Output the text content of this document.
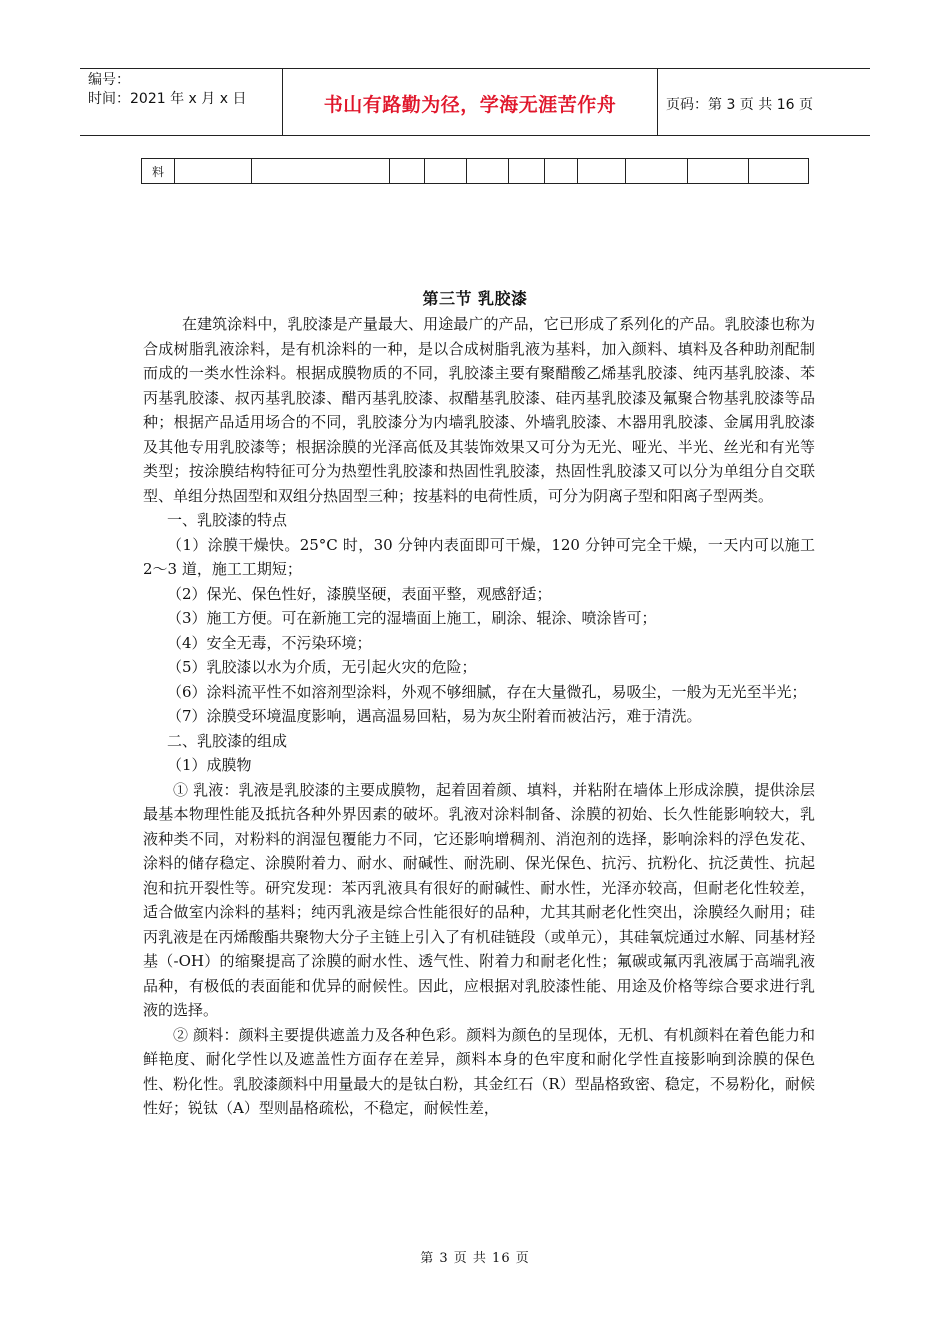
编号：
时间：2021 年 x 月 x 日	书山有路勤为径，学海无涯苦作舟	页码：第 3 页 共 16 页
料											
第三节 乳胶漆

在建筑涂料中，乳胶漆是产量最大、用途最广的产品，它已形成了系列化的产品。乳胶漆也称为合成树脂乳液涂料，是有机涂料的一种，是以合成树脂乳液为基料，加入颜料、填料及各种助剂配制而成的一类水性涂料。根据成膜物质的不同，乳胶漆主要有聚醋酸乙烯基乳胶漆、纯丙基乳胶漆、苯丙基乳胶漆、叔丙基乳胶漆、醋丙基乳胶漆、叔醋基乳胶漆、硅丙基乳胶漆及氟聚合物基乳胶漆等品种；根据产品适用场合的不同，乳胶漆分为内墙乳胶漆、外墙乳胶漆、木器用乳胶漆、金属用乳胶漆及其他专用乳胶漆等；根据涂膜的光泽高低及其装饰效果又可分为无光、哑光、半光、丝光和有光等类型；按涂膜结构特征可分为热塑性乳胶漆和热固性乳胶漆，热固性乳胶漆又可以分为单组分自交联型、单组分热固型和双组分热固型三种；按基料的电荷性质，可分为阴离子型和阳离子型两类。

一、乳胶漆的特点

（1）涂膜干燥快。25°C 时，30 分钟内表面即可干燥，120 分钟可完全干燥，一天内可以施工 2～3 道，施工工期短；

（2）保光、保色性好，漆膜坚硬，表面平整，观感舒适；

（3）施工方便。可在新施工完的湿墙面上施工，刷涂、辊涂、喷涂皆可；

（4）安全无毒，不污染环境；

（5）乳胶漆以水为介质，无引起火灾的危险；

（6）涂料流平性不如溶剂型涂料，外观不够细腻，存在大量微孔，易吸尘，一般为无光至半光；

（7）涂膜受环境温度影响，遇高温易回粘，易为灰尘附着而被沾污，难于清洗。

二、乳胶漆的组成

（1）成膜物

① 乳液：乳液是乳胶漆的主要成膜物，起着固着颜、填料，并粘附在墙体上形成涂膜，提供涂层最基本物理性能及抵抗各种外界因素的破坏。乳液对涂料制备、涂膜的初始、长久性能影响较大，乳液种类不同，对粉料的润湿包覆能力不同，它还影响增稠剂、消泡剂的选择，影响涂料的浮色发花、涂料的储存稳定、涂膜附着力、耐水、耐碱性、耐洗刷、保光保色、抗污、抗粉化、抗泛黄性、抗起泡和抗开裂性等。研究发现：苯丙乳液具有很好的耐碱性、耐水性，光泽亦较高，但耐老化性较差，适合做室内涂料的基料；纯丙乳液是综合性能很好的品种，尤其其耐老化性突出，涂膜经久耐用；硅丙乳液是在丙烯酸酯共聚物大分子主链上引入了有机硅链段（或单元），其硅氧烷通过水解、同基材羟基（-OH）的缩聚提高了涂膜的耐水性、透气性、附着力和耐老化性；氟碳或氟丙乳液属于高端乳液品种，有极低的表面能和优异的耐候性。因此，应根据对乳胶漆性能、用途及价格等综合要求进行乳液的选择。

② 颜料：颜料主要提供遮盖力及各种色彩。颜料为颜色的呈现体，无机、有机颜料在着色能力和鲜艳度、耐化学性以及遮盖性方面存在差异，颜料本身的色牢度和耐化学性直接影响到涂膜的保色性、粉化性。乳胶漆颜料中用量最大的是钛白粉，其金红石（R）型晶格致密、稳定，不易粉化，耐候性好；锐钛（A）型则晶格疏松，不稳定，耐候性差，

第 3 页 共 16 页
